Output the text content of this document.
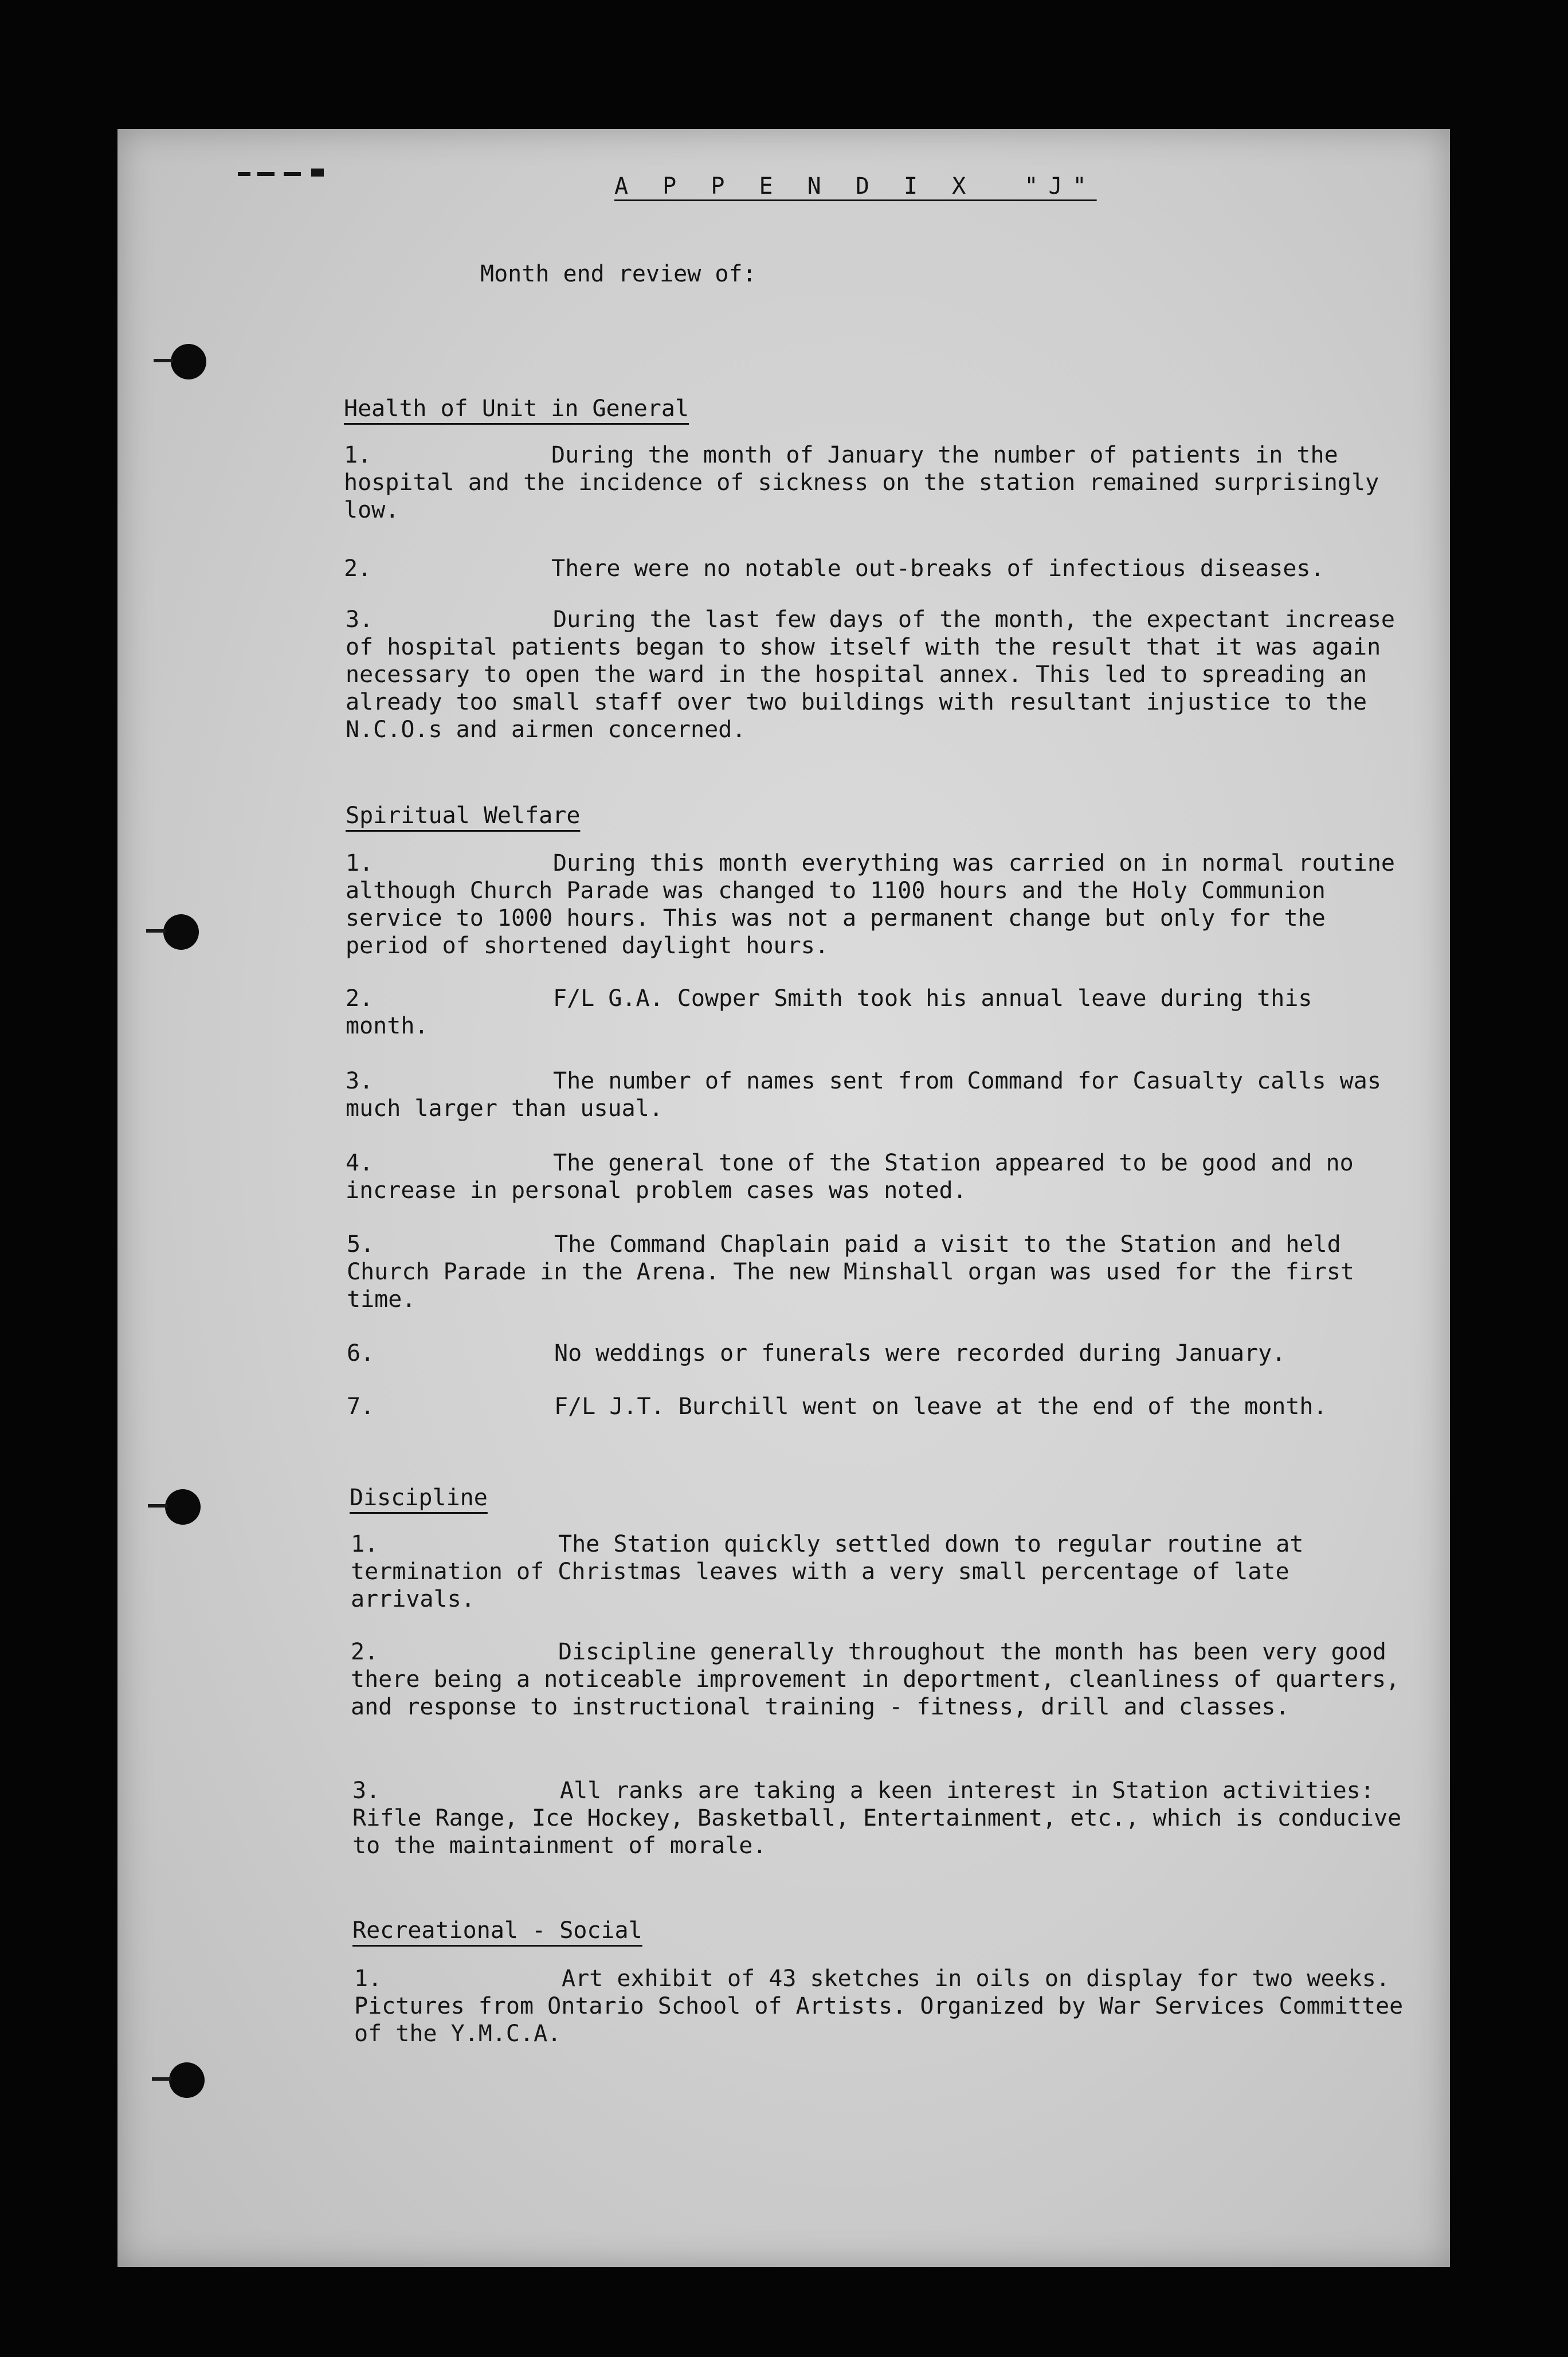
A P P E N D I X  "J"
Month end review of:
Health of Unit in General
1.	During the month of January the number of patients in the hospital and the incidence of sickness on the station remained surprisingly low.
2.	There were no notable out-breaks of infectious diseases.
3.	During the last few days of the month, the expectant increase of hospital patients began to show itself with the result that it was again necessary to open the ward in the hospital annex. This led to spreading an already too small staff over two buildings with resultant injustice to the N.C.O.s and airmen concerned.
Spiritual Welfare
1.	During this month everything was carried on in normal routine although Church Parade was changed to 1100 hours and the Holy Communion service to 1000 hours. This was not a permanent change but only for the period of shortened daylight hours.
2.	F/L G.A. Cowper Smith took his annual leave during this month.
3.	The number of names sent from Command for Casualty calls was much larger than usual.
4.	The general tone of the Station appeared to be good and no increase in personal problem cases was noted.
5.	The Command Chaplain paid a visit to the Station and held Church Parade in the Arena. The new Minshall organ was used for the first time.
6.	No weddings or funerals were recorded during January.
7.	F/L J.T. Burchill went on leave at the end of the month.
Discipline
1.	The Station quickly settled down to regular routine at termination of Christmas leaves with a very small percentage of late arrivals.
2.	Discipline generally throughout the month has been very good there being a noticeable improvement in deportment, cleanliness of quarters, and response to instructional training - fitness, drill and classes.
3.	All ranks are taking a keen interest in Station activities: Rifle Range, Ice Hockey, Basketball, Entertainment, etc., which is conducive to the maintainment of morale.
Recreational - Social
1.	Art exhibit of 43 sketches in oils on display for two weeks. Pictures from Ontario School of Artists. Organized by War Services Committee of the Y.M.C.A.
